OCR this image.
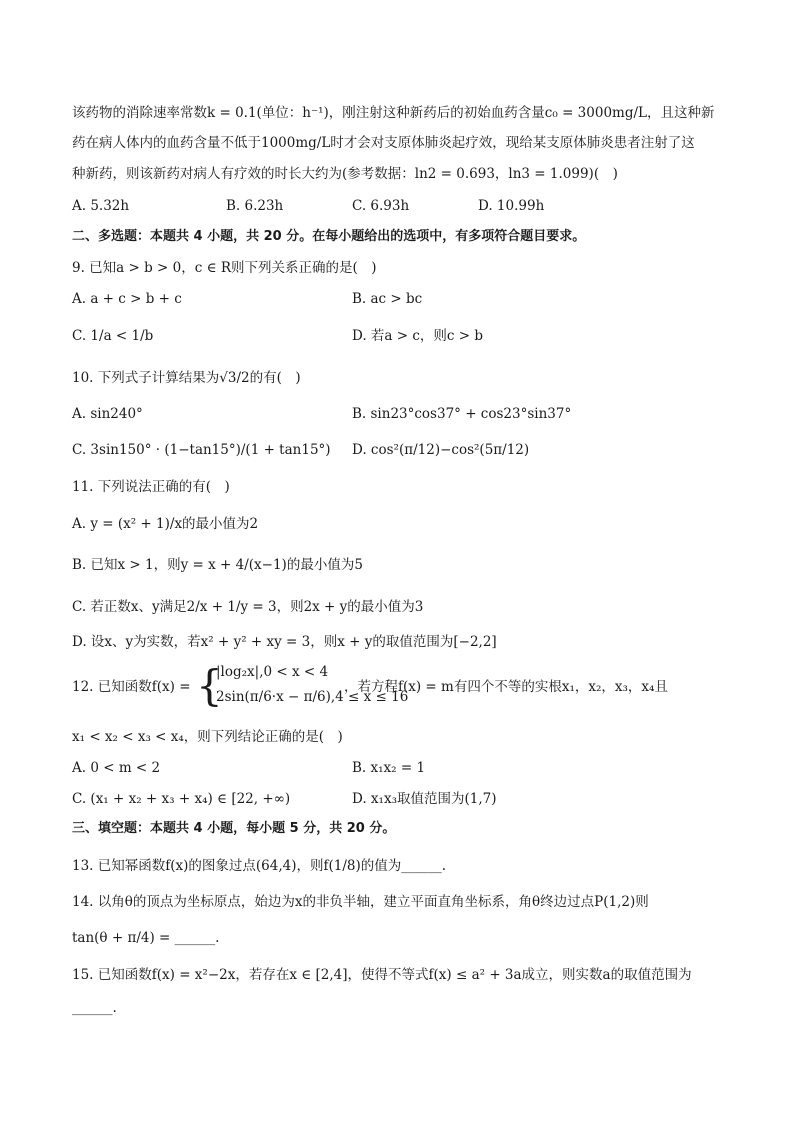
该药物的消除速率常数k = 0.1(单位：h⁻¹)，刚注射这种新药后的初始血药含量c₀ = 3000mg/L，且这种新
药在病人体内的血药含量不低于1000mg/L时才会对支原体肺炎起疗效，现给某支原体肺炎患者注射了这
种新药，则该新药对病人有疗效的时长大约为(参考数据：ln2 = 0.693，ln3 = 1.099)(　)
A. 5.32h	B. 6.23h	C. 6.93h	D. 10.99h
二、多选题：本题共 4 小题，共 20 分。在每小题给出的选项中，有多项符合题目要求。
9. 已知a > b > 0，c ∈ R则下列关系正确的是(　)
A. a + c > b + c	B. ac > bc
C. 1/a < 1/b	D. 若a > c，则c > b
10. 下列式子计算结果为√3/2的有(　)
A. sin240°	B. sin23°cos37° + cos23°sin37°
C. 3sin150° · (1−tan15°)/(1 + tan15°) D. cos²(π/12)−cos²(5π/12)
11. 下列说法正确的有(　)
A. y = (x² + 1)/x的最小值为2
B. 已知x > 1，则y = x + 4/(x−1)的最小值为5
C. 若正数x、y满足2/x + 1/y = 3，则2x + y的最小值为3
D. 设x、y为实数，若x² + y² + xy = 3，则x + y的取值范围为[−2,2]
12. 已知函数f(x) = {
|log₂x|,0 < x < 4
2sin(π/6·x − π/6),4 ≤ x ≤ 16
，若方程f(x) = m有四个不等的实根x₁，x₂，x₃，x₄且
x₁ < x₂ < x₃ < x₄，则下列结论正确的是(　)
A. 0 < m < 2	B. x₁x₂ = 1
C. (x₁ + x₂ + x₃ + x₄) ∈ [22, +∞)	D. x₁x₃取值范围为(1,7)
三、填空题：本题共 4 小题，每小题 5 分，共 20 分。
13. 已知幂函数f(x)的图象过点(64,4)，则f(1/8)的值为______.
14. 以角θ的顶点为坐标原点，始边为x的非负半轴，建立平面直角坐标系，角θ终边过点P(1,2)则
tan(θ + π/4) = ______.
15. 已知函数f(x) = x²−2x，若存在x ∈ [2,4]，使得不等式f(x) ≤ a² + 3a成立，则实数a的取值范围为
______.
